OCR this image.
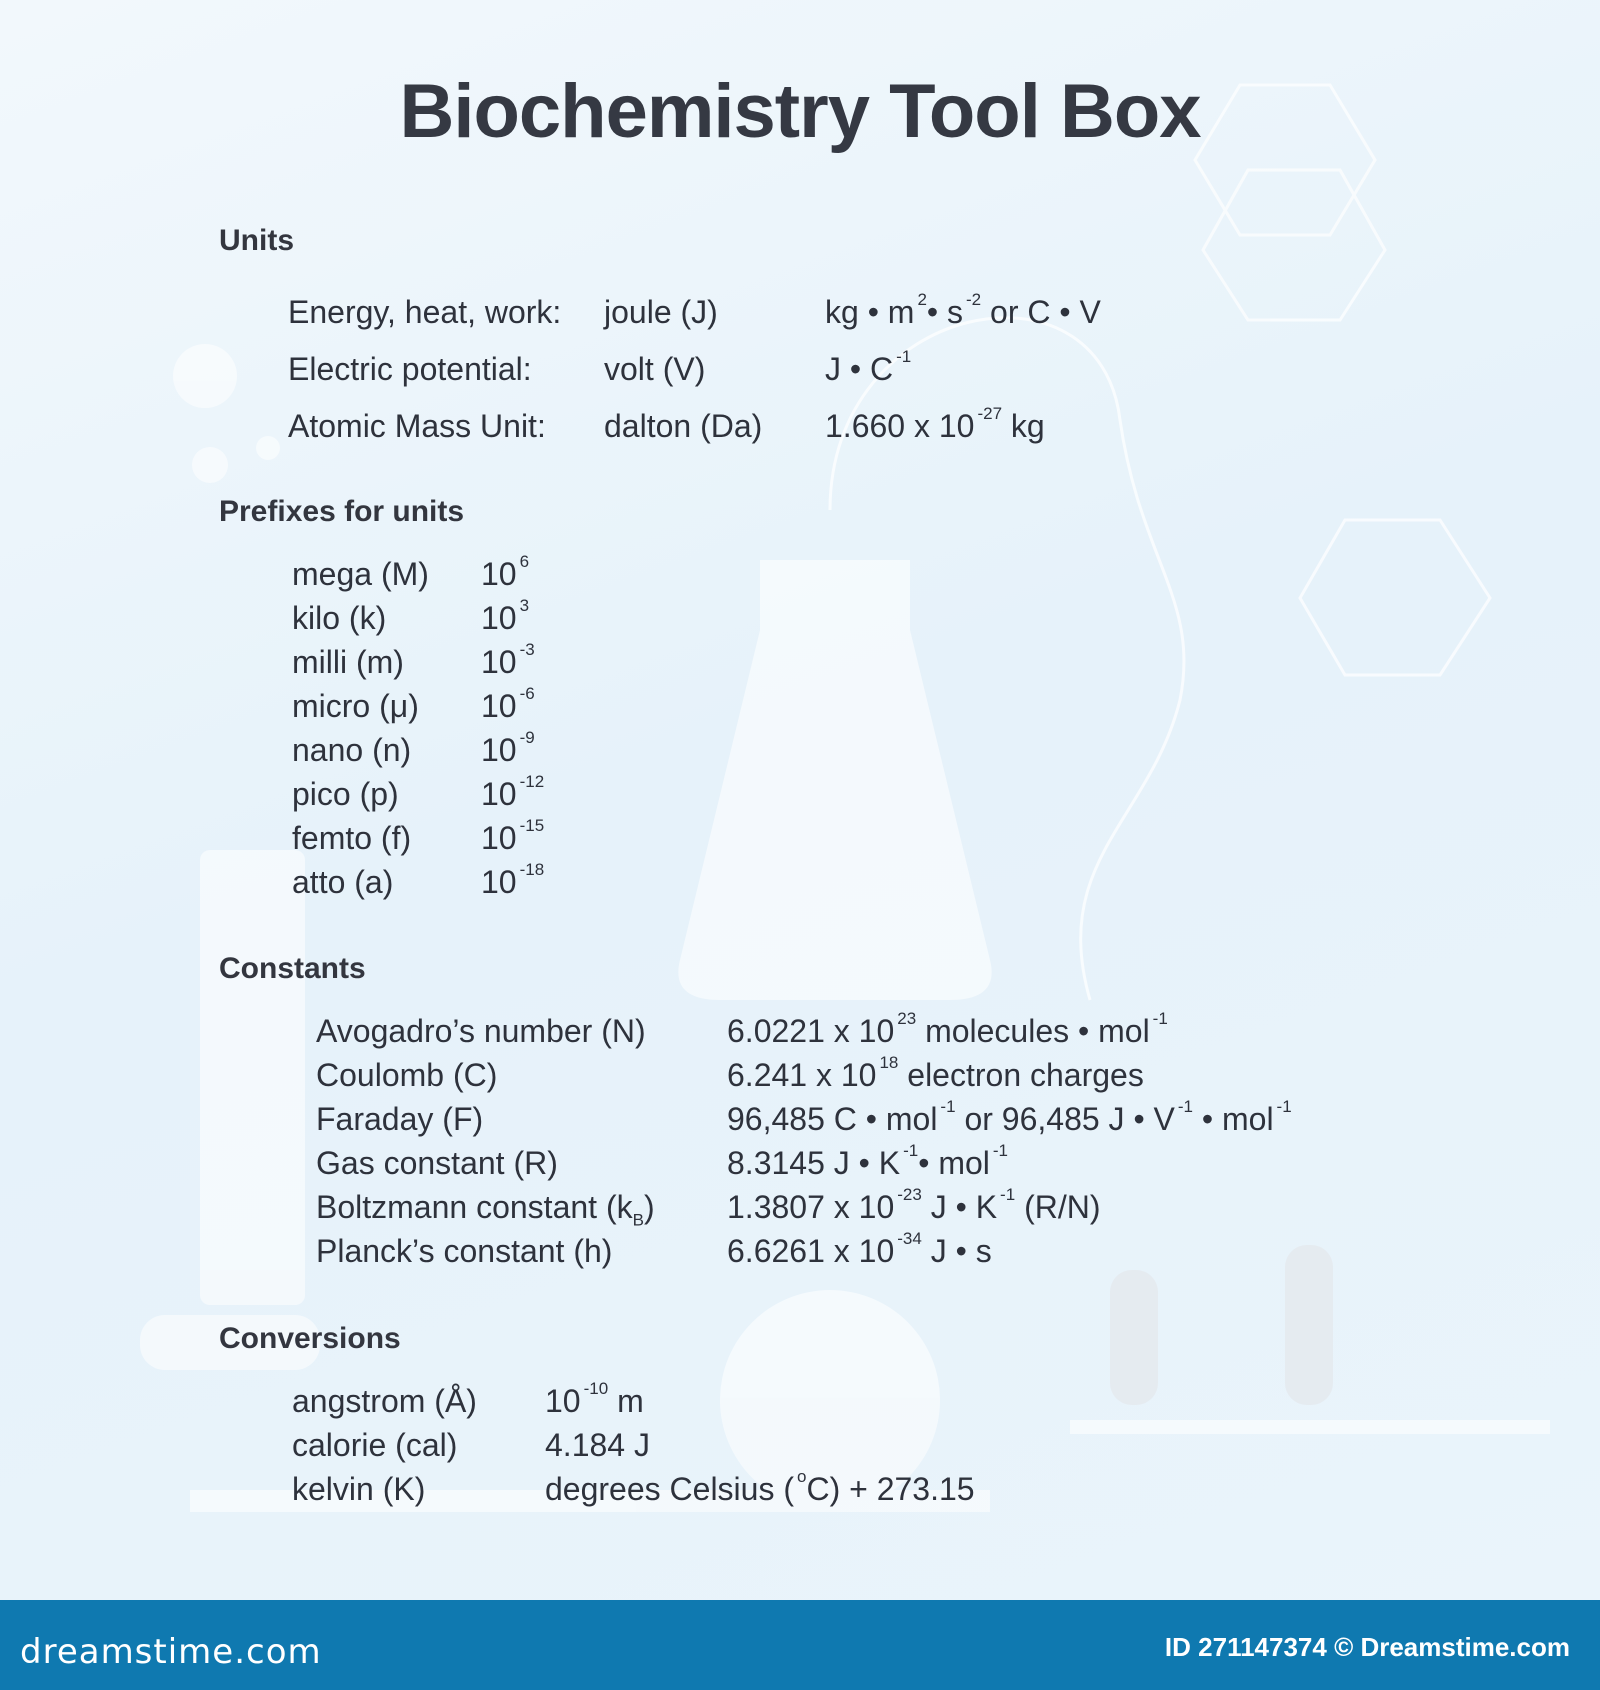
Biochemistry Tool Box
Units
Energy, heat, work: joule (J)	kg • m $^2$• s $^{-2}$ or C • V
Electric potential: volt (V)	J • C $^{-1}$
Atomic Mass Unit: dalton (Da) 1.660 x 10 $^{-27}$ kg
Prefixes for units
mega (M) 10 $^6$
kilo (k)	10 $^3$
milli (m) 10 $^{-3}$
micro (μ) 10 $^{-6}$
nano (n) 10 $^{-9}$
pico (p)	10 $^{-12}$
femto (f) 10 $^{-15}$
atto (a)	10 $^{-18}$
Constants
Avogadro’s number (N)	6.0221 x 10 $^{23}$ molecules • mol $^{-1}$
Coulomb (C)	6.241 x 10 $^{18}$ electron charges
Faraday (F)	96,485 C • mol $^{-1}$ or 96,485 J • V $^{-1}$ • mol $^{-1}$
Gas constant (R)	8.3145 J • K $^{-1}$• mol $^{-1}$
Boltzmann constant $(k_B)$ 1.3807 x 10 $^{-23}$ J • K $^{-1}$ (R/N)
Planck’s constant (h)	6.6261 x 10 $^{-34}$ J • s
Conversions
angstrom (Å) 10 $^{-10}$ m
calorie (cal)	4.184 J
kelvin (K)	degrees Celsius ( $^o$C) + 273.15
dreamstime.com	ID 271147374 © Dreamstime.com
